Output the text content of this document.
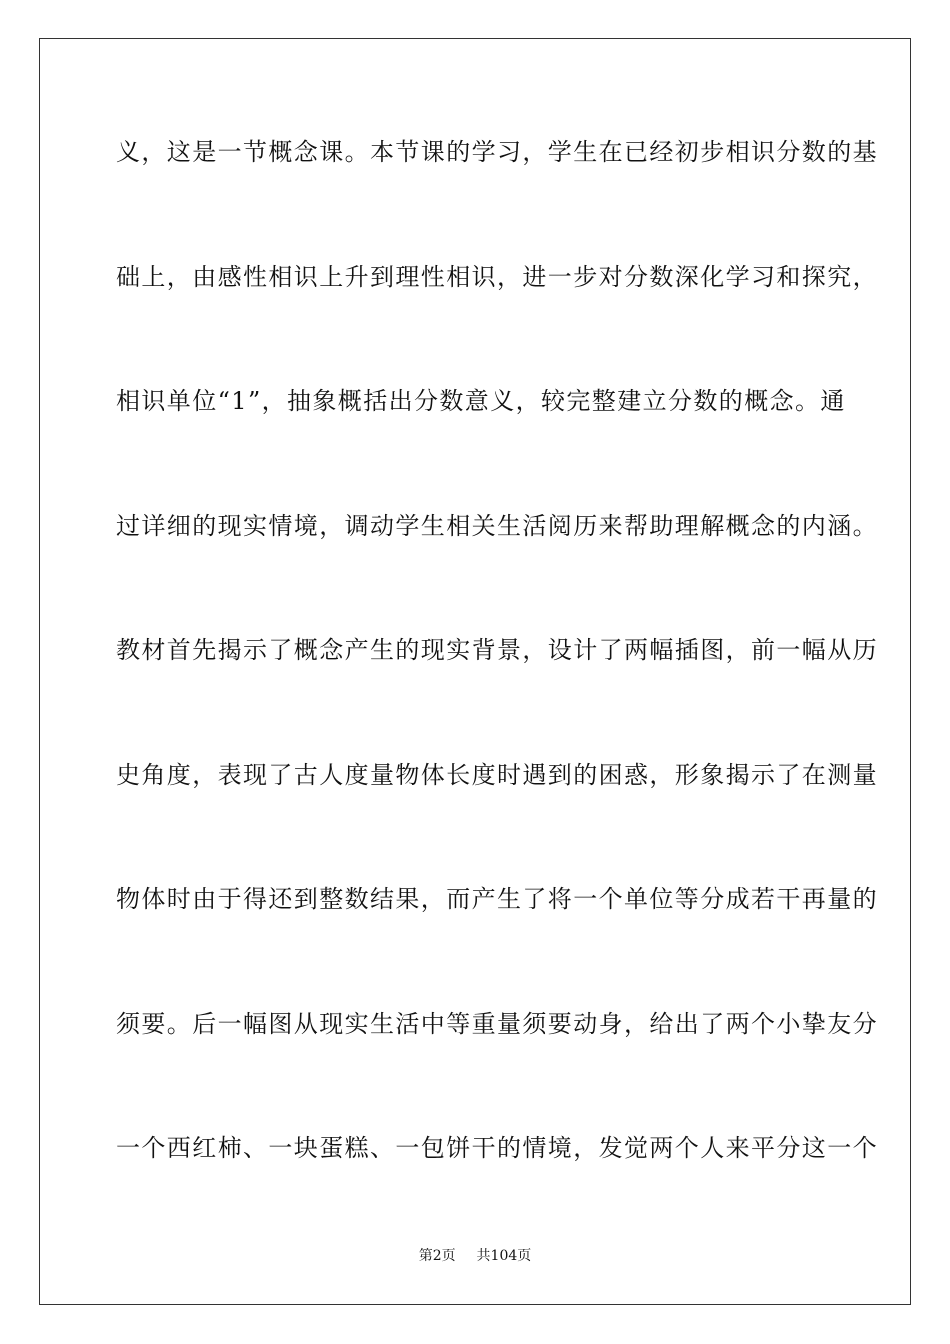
义，这是一节概念课。本节课的学习，学生在已经初步相识分数的基

础上，由感性相识上升到理性相识，进一步对分数深化学习和探究，

相识单位“1”，抽象概括出分数意义，较完整建立分数的概念。通

过详细的现实情境，调动学生相关生活阅历来帮助理解概念的内涵。

教材首先揭示了概念产生的现实背景，设计了两幅插图，前一幅从历

史角度，表现了古人度量物体长度时遇到的困惑，形象揭示了在测量

物体时由于得还到整数结果，而产生了将一个单位等分成若干再量的

须要。后一幅图从现实生活中等重量须要动身，给出了两个小挚友分

一个西红柿、一块蛋糕、一包饼干的情境，发觉两个人来平分这一个

第2页 共104页
